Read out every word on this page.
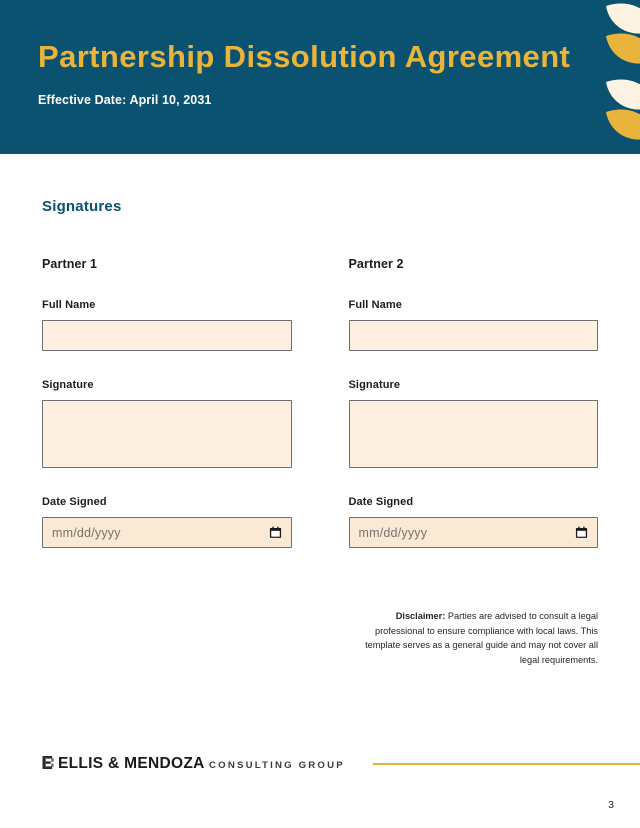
Partnership Dissolution Agreement
Effective Date: April 10, 2031
Signatures
Partner 1
Full Name
Signature
Date Signed
mm/dd/yyyy
Partner 2
Full Name
Signature
Date Signed
mm/dd/yyyy

Disclaimer: Parties are advised to consult a legal professional to ensure compliance with local laws. This template serves as a general guide and may not cover all legal requirements.

ELLIS & MENDOZA CONSULTING GROUP
3
